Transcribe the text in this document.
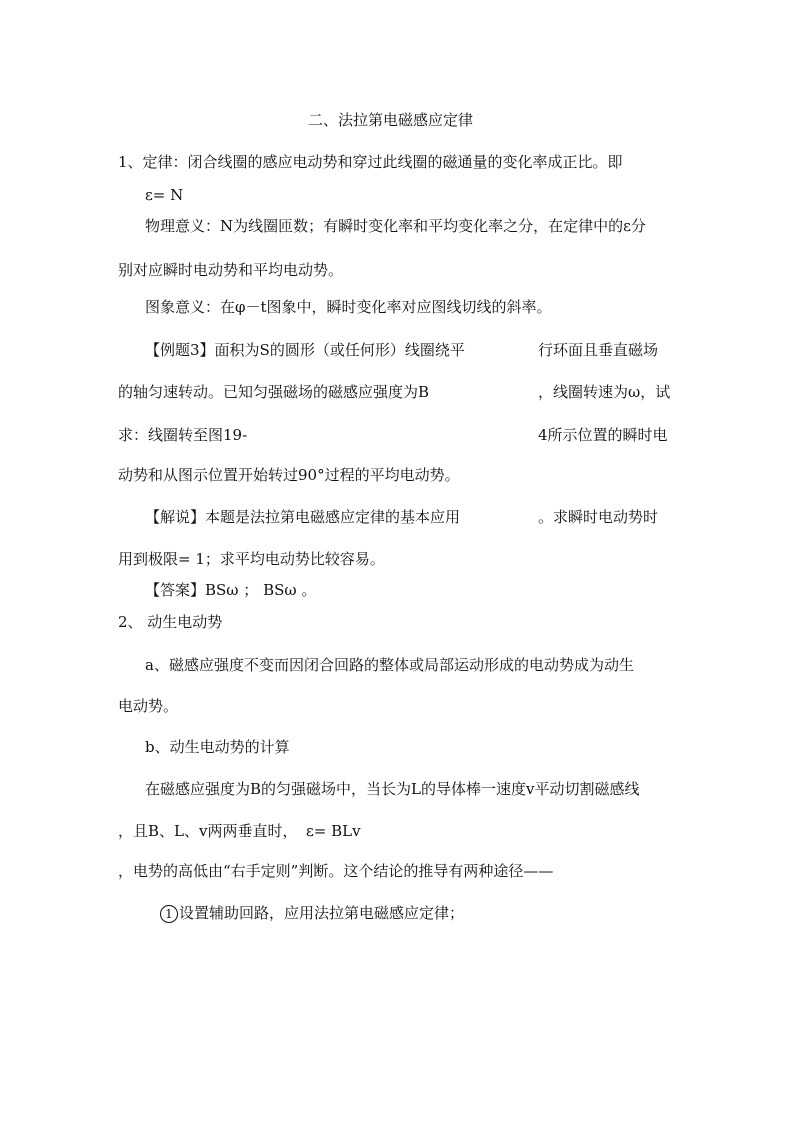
二、法拉第电磁感应定律
1、定律：闭合线圈的感应电动势和穿过此线圈的磁通量的变化率成正比。即
ε= N
物理意义：N为线圈匝数；有瞬时变化率和平均变化率之分，在定律中的ε分
别对应瞬时电动势和平均电动势。
图象意义：在φ－t图象中，瞬时变化率对应图线切线的斜率。
【例题3】面积为S的圆形（或任何形）线圈绕平	行环面且垂直磁场
的轴匀速转动。已知匀强磁场的磁感应强度为B	，线圈转速为ω，试
求：线圈转至图19-	4所示位置的瞬时电
动势和从图示位置开始转过90°过程的平均电动势。
【解说】本题是法拉第电磁感应定律的基本应用	。求瞬时电动势时
用到极限= 1；求平均电动势比较容易。
【答案】BSω ； BSω 。
2、 动生电动势
a、磁感应强度不变而因闭合回路的整体或局部运动形成的电动势成为动生
电动势。
b、动生电动势的计算
在磁感应强度为B的匀强磁场中，当长为L的导体棒一速度v平动切割磁感线
，且B、L、v两两垂直时， ε= BLv
，电势的高低由“右手定则”判断。这个结论的推导有两种途径——
1 设置辅助回路，应用法拉第电磁感应定律；
